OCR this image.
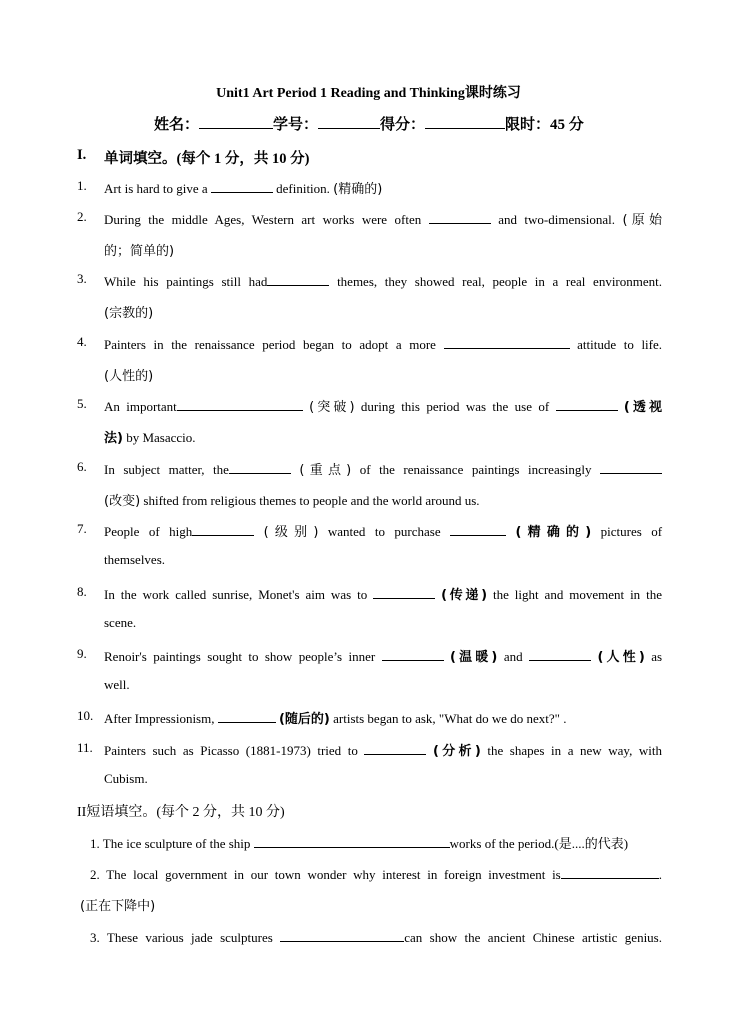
Unit1 Art Period 1 Reading and Thinking课时练习
姓名：	学号：	得分：	限时：45 分
I. 单词填空。(每个 1 分，共 10 分)
1. Art is hard to give a	definition. (精确的)
2. During the middle Ages, Western art works were often	and two-dimensional. (原始
的；简单的)
3. While his paintings still had	themes, they showed real, people in a real environment.
(宗教的)
4. Painters in the renaissance period began to adopt a more	attitude to life.
(人性的)
5. An important	(突破) during this period was the use of	(透视
法) by Masaccio.
6. In subject matter, the	(重点) of the renaissance paintings increasingly
(改变) shifted from religious themes to people and the world around us.
7. People of high	(级别) wanted to purchase	(精确的) pictures of
themselves.
8. In the work called sunrise, Monet's aim was to	(传递) the light and movement in the
scene.
9. Renoir's paintings sought to show people’s inner	(温暖) and	(人性) as
well.
10. After Impressionism,	(随后的) artists began to ask, "What do we do next?" .
11. Painters such as Picasso (1881-1973) tried to	(分析) the shapes in a new way, with
Cubism.
II短语填空。(每个 2 分，共 10 分)
1. The ice sculpture of the ship	works of the period.(是....的代表)
2. The local government in our town wonder why interest in foreign investment is	.
(正在下降中)
3. These various jade sculptures	can show the ancient Chinese artistic genius.
